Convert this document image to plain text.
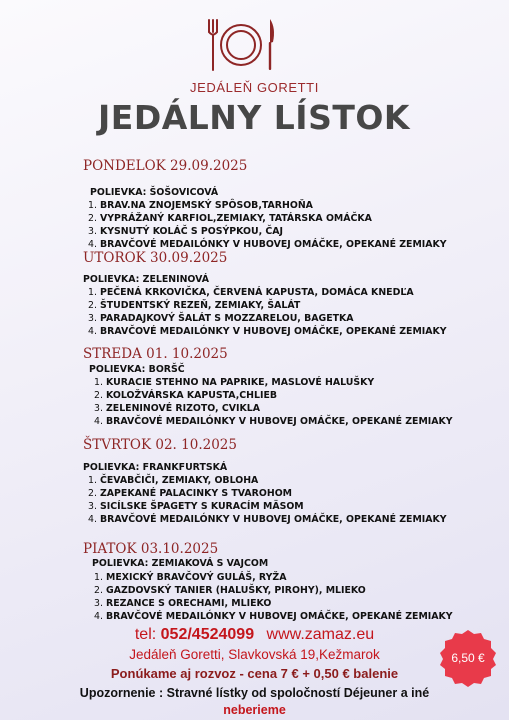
JEDÁLEŇ GORETTI
JEDÁLNY LÍSTOK
PONDELOK 29.09.2025
POLIEVKA: ŠOŠOVICOVÁ
1. BRAV.NA ZNOJEMSKÝ SPÔSOB,TARHOŇA
2. VYPRÁŽANÝ KARFIOL,ZEMIAKY, TATÁRSKA OMÁČKA
3. KYSNUTÝ KOLÁČ S POSÝPKOU, ČAJ
4. BRAVČOVÉ MEDAILÓNKY V HUBOVEJ OMÁČKE, OPEKANÉ ZEMIAKY
UTOROK 30.09.2025
POLIEVKA: ZELENINOVÁ
1. PEČENÁ KRKOVIČKA, ČERVENÁ KAPUSTA, DOMÁCA KNEDĽA
2. ŠTUDENTSKÝ REZEŇ, ZEMIAKY, ŠALÁT
3. PARADAJKOVÝ ŠALÁT S MOZZARELOU, BAGETKA
4. BRAVČOVÉ MEDAILÓNKY V HUBOVEJ OMÁČKE, OPEKANÉ ZEMIAKY
STREDA 01. 10.2025
POLIEVKA: BORŠČ
1. KURACIE STEHNO NA PAPRIKE, MASLOVÉ HALUŠKY
2. KOLOŽVÁRSKA KAPUSTA,CHLIEB
3. ZELENINOVÉ RIZOTO, CVIKLA
4. BRAVČOVÉ MEDAILÓNKY V HUBOVEJ OMÁČKE, OPEKANÉ ZEMIAKY
ŠTVRTOK 02. 10.2025
POLIEVKA: FRANKFURTSKÁ
1. ČEVABČIČI, ZEMIAKY, OBLOHA
2. ZAPEKANÉ PALACINKY S TVAROHOM
3. SICÍLSKE ŠPAGETY S KURACÍM MÄSOM
4. BRAVČOVÉ MEDAILÓNKY V HUBOVEJ OMÁČKE, OPEKANÉ ZEMIAKY
PIATOK 03.10.2025
POLIEVKA: ZEMIAKOVÁ S VAJCOM
1. MEXICKÝ BRAVČOVÝ GULÁŠ, RYŽA
2. GAZDOVSKÝ TANIER (HALUŠKY, PIROHY), MLIEKO
3. REZANCE S ORECHAMI, MLIEKO
4. BRAVČOVÉ MEDAILÓNKY V HUBOVEJ OMÁČKE, OPEKANÉ ZEMIAKY
tel: 052/4524099 www.zamaz.eu
Jedáleň Goretti, Slavkovská 19,Kežmarok
Ponúkame aj rozvoz - cena 7 € + 0,50 € balenie
Upozornenie : Stravné lístky od spoločností Déjeuner a iné
neberieme
6,50 €
